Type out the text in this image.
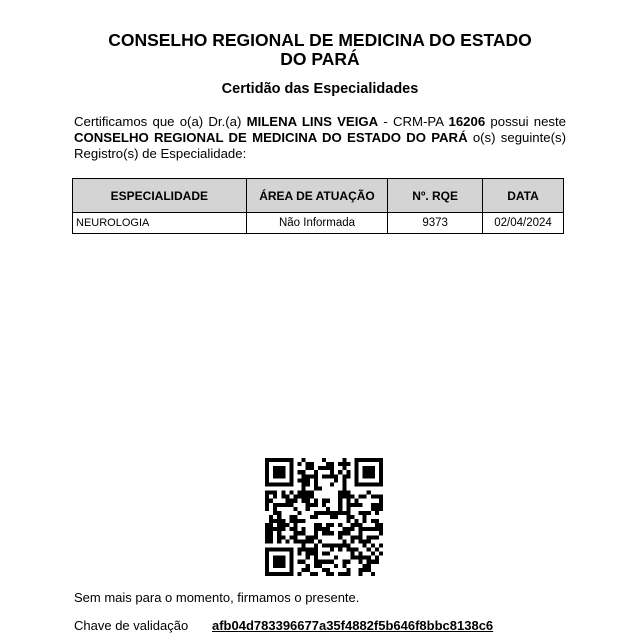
CONSELHO REGIONAL DE MEDICINA DO ESTADO
DO PARÁ
Certidão das Especialidades
Certificamos que o(a) Dr.(a) MILENA LINS VEIGA - CRM-PA 16206 possui neste CONSELHO REGIONAL DE MEDICINA DO ESTADO DO PARÁ o(s) seguinte(s) Registro(s) de Especialidade:
ESPECIALIDADE	ÁREA DE ATUAÇÃO	Nº. RQE	DATA
NEUROLOGIA	Não Informada	9373	02/04/2024
Sem mais para o momento, firmamos o presente.
Chave de validação afb04d783396677a35f4882f5b646f8bbc8138c6
